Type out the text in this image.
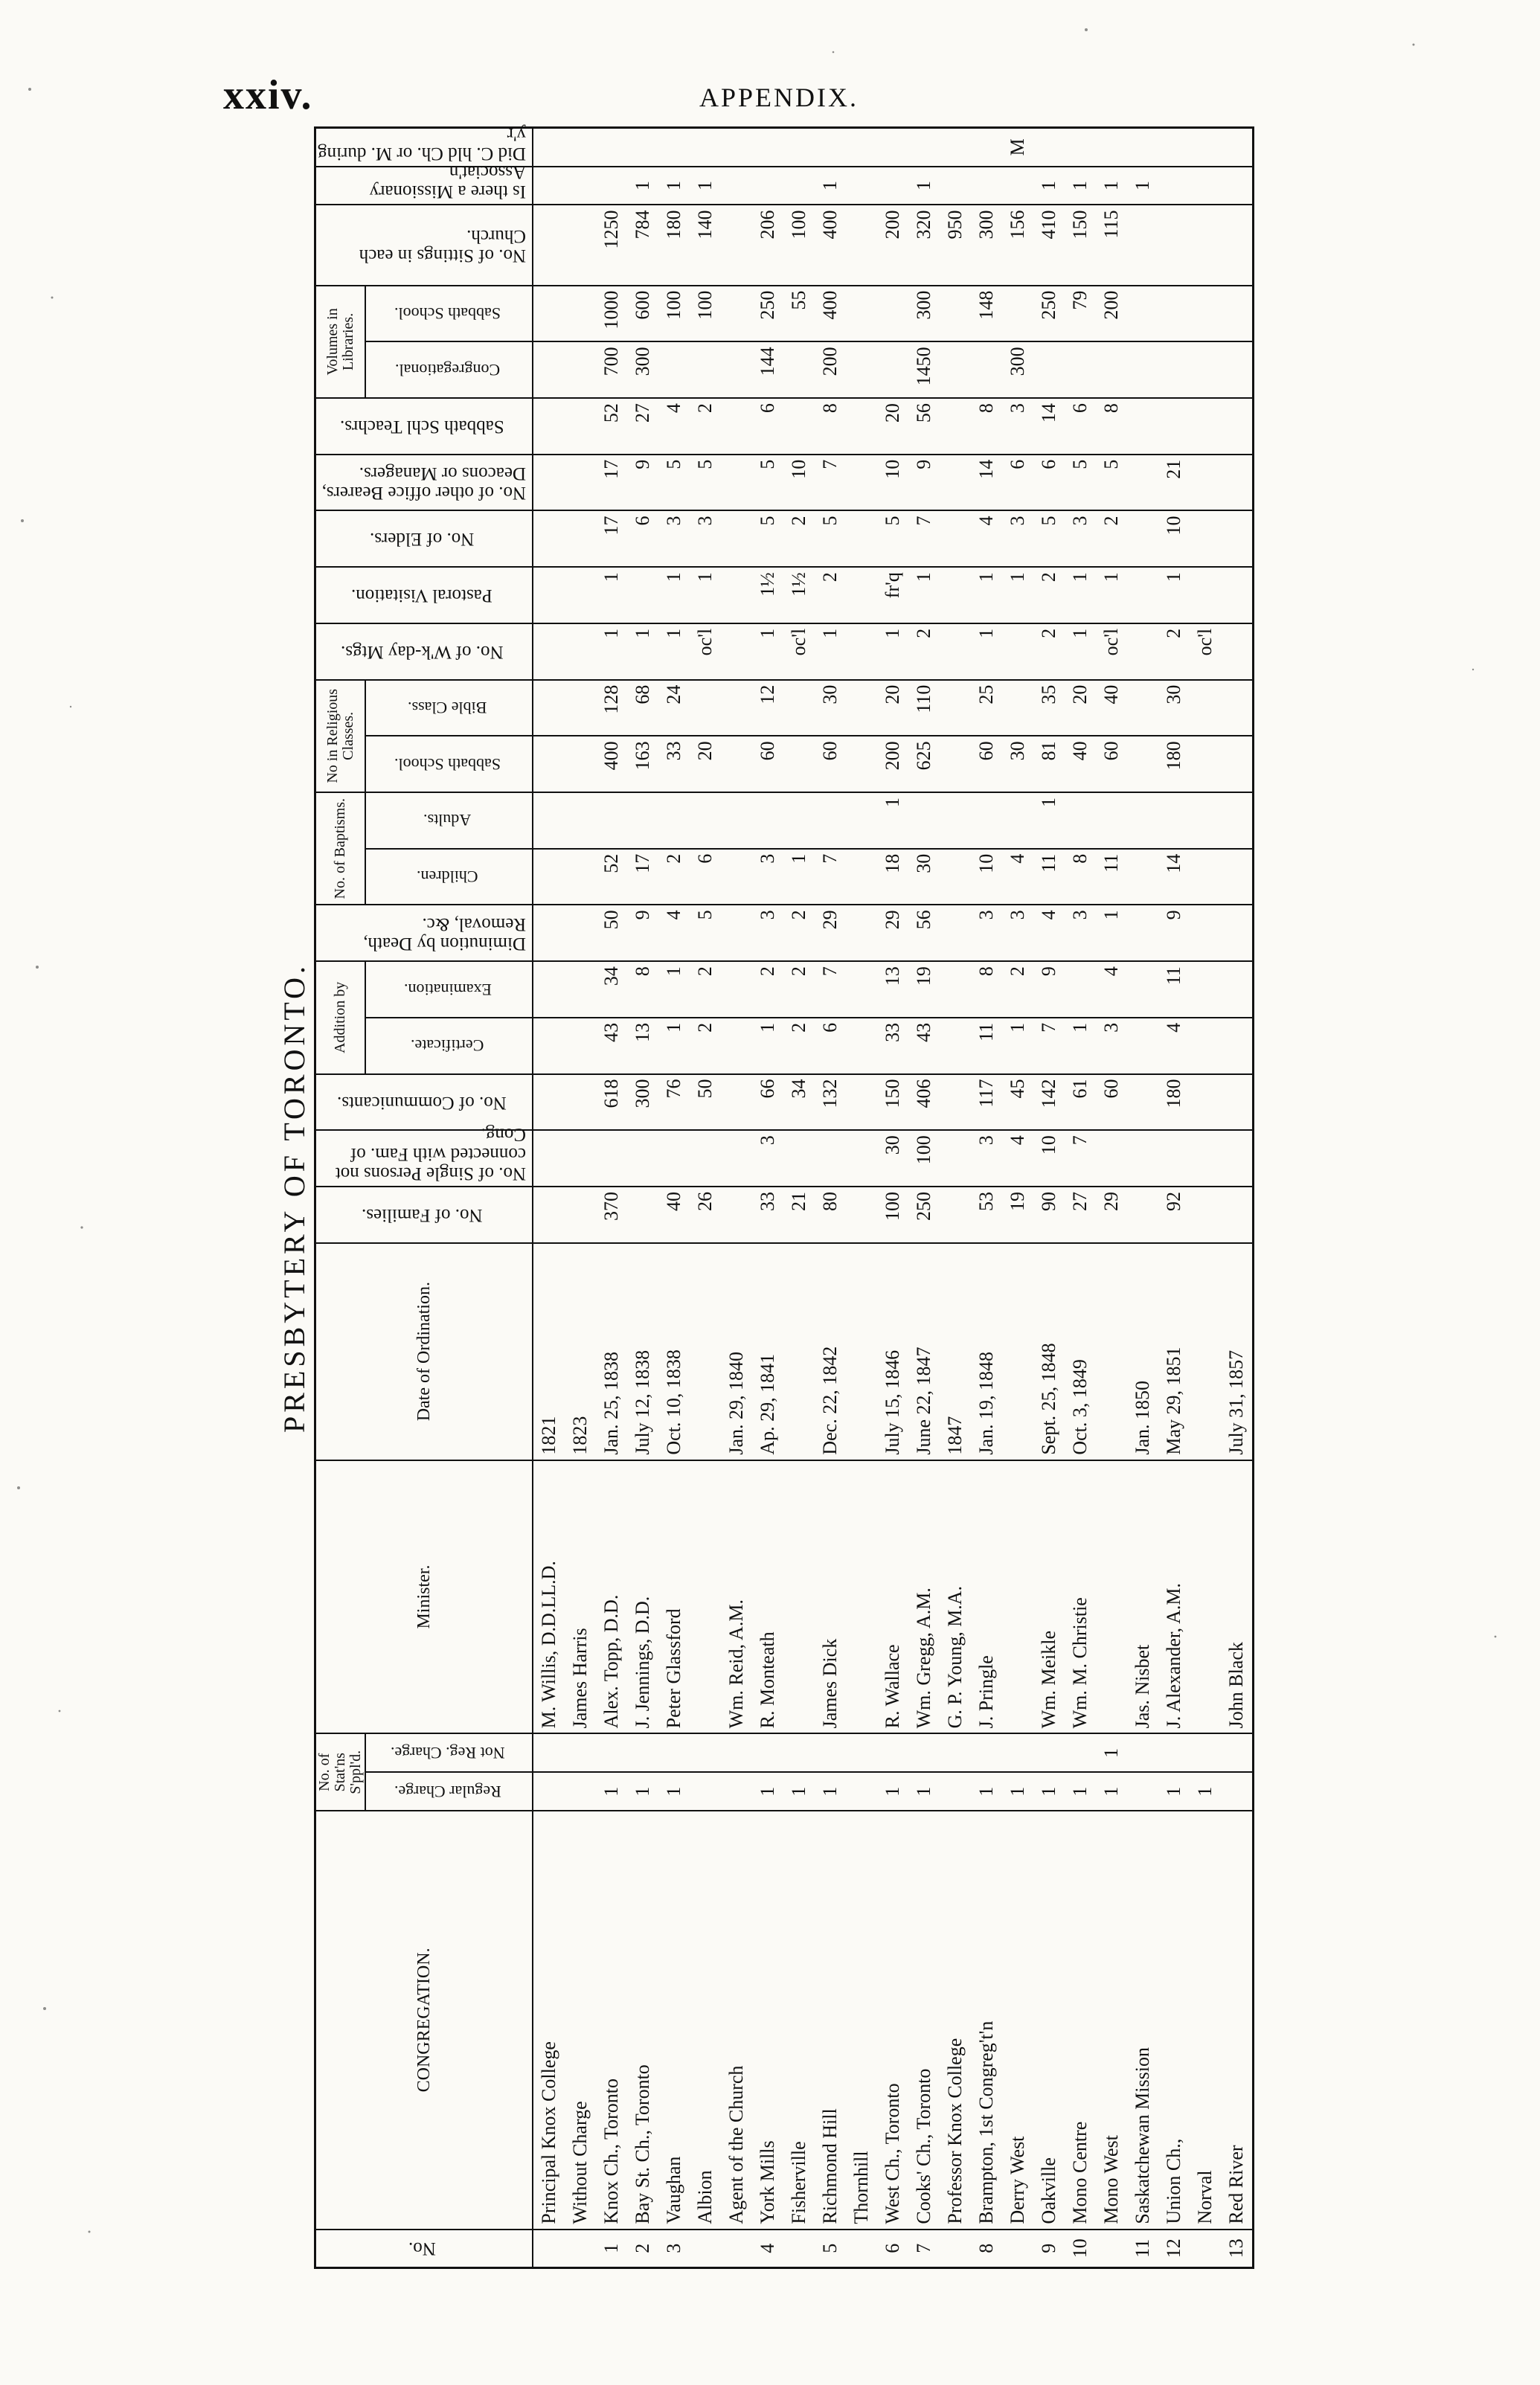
xxiv.	APPENDIX.
PRESBYTERY OF TORONTO.
No.	CONGREGATION.	No. of Stat'ns S'ppl'd.		Minister.	Date of Ordination.	No. of Families.	No. of Single Persons not connected with Fam. of Cong.	No. of Communicants.	Addition by		Diminution by Death, Removal, &c.	No. of Baptisms.		No in Religious Classes.		No. of W'k-day Mtgs.	Pastoral Visitation.	No. of Elders.	No. of other office Bearers, Deacons or Managers.	Sabbath Schl Teachrs.	Volumes in Libraries.		No. of Sittings in each Church.	Is there a Missionary Associat'n	Did C. hld Ch. or M. during y'r
		Regular Charge.	Not Reg. Charge.						Certificate.	Examination.		Children.	Adults.	Sabbath School.	Bible Class.						Congregational.	Sabbath School.			
	Principal Knox College			M. Willis, D.D.LL.D.	1821																				
	Without Charge			James Harris	1823																				
1	Knox Ch., Toronto	1		Alex. Topp, D.D.	Jan. 25, 1838	370		618	43	34	50	52		400	128	1	1	17	17	52	700	1000	1250		
2	Bay St. Ch., Toronto	1		J. Jennings, D.D.	July 12, 1838			300	13	8	9	17		163	68	1		6	9	27	300	600	784	1	
3	Vaughan	1		Peter Glassford	Oct. 10, 1838	40		76	1	1	4	2		33	24	1	1	3	5	4		100	180	1	
	Albion					26		50	2	2	5	6		20		oc'l	1	3	5	2		100	140	1	
	Agent of the Church			Wm. Reid, A.M.	Jan. 29, 1840																				
4	York Mills	1		R. Monteath	Ap. 29, 1841	33	3	66	1	2	3	3		60	12	1	1½	5	5	6	144	250	206		
	Fisherville	1				21		34	2	2	2	1				oc'l	1½	2	10			55	100		
5	Richmond Hill	1		James Dick	Dec. 22, 1842	80		132	6	7	29	7		60	30	1	2	5	7	8	200	400	400	1	
	Thornhill																								
6	West Ch., Toronto	1		R. Wallace	July 15, 1846	100	30	150	33	13	29	18	1	200	20	1	fr'q	5	10	20			200		
7	Cooks' Ch., Toronto	1		Wm. Gregg, A.M.	June 22, 1847	250	100	406	43	19	56	30		625	110	2	1	7	9	56	1450	300	320	1	
	Professor Knox College			G. P. Young, M.A.	1847																		950		
8	Brampton, 1st Congreg't'n	1		J. Pringle	Jan. 19, 1848	53	3	117	11	8	3	10		60	25	1	1	4	14	8		148	300		
	Derry West	1				19	4	45	1	2	3	4		30			1	3	6	3	300		156		M
9	Oakville	1		Wm. Meikle	Sept. 25, 1848	90	10	142	7	9	4	11	1	81	35	2	2	5	6	14		250	410	1	
10	Mono Centre	1		Wm. M. Christie	Oct. 3, 1849	27	7	61	1		3	8		40	20	1	1	3	5	6		79	150	1	
	Mono West	1	1			29		60	3	4	1	11		60	40	oc'l	1	2	5	8		200	115	1	
11	Saskatchewan Mission			Jas. Nisbet	Jan. 1850																			1	
12	Union Ch.,	1		J. Alexander, A.M.	May 29, 1851	92		180	4	11	9	14		180	30	2	1	10	21						
	Norval	1														oc'l									
13	Red River			John Black	July 31, 1857																				
